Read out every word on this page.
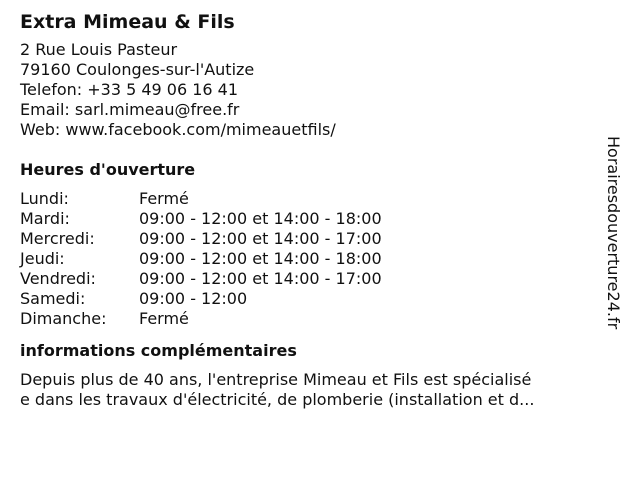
Extra Mimeau & Fils
2 Rue Louis Pasteur
79160 Coulonges-sur-l'Autize
Telefon: +33 5 49 06 16 41
Email: sarl.mimeau@free.fr
Web: www.facebook.com/mimeauetfils/
Heures d'ouverture
Lundi:	Fermé
Mardi:	09:00 - 12:00 et 14:00 - 18:00
Mercredi:	09:00 - 12:00 et 14:00 - 17:00
Jeudi:	09:00 - 12:00 et 14:00 - 18:00
Vendredi:	09:00 - 12:00 et 14:00 - 17:00
Samedi:	09:00 - 12:00
Dimanche:	Fermé
informations complémentaires
Depuis plus de 40 ans, l'entreprise Mimeau et Fils est spécialisé
e dans les travaux d'électricité, de plomberie (installation et d...
Horairesdouverture24.fr
